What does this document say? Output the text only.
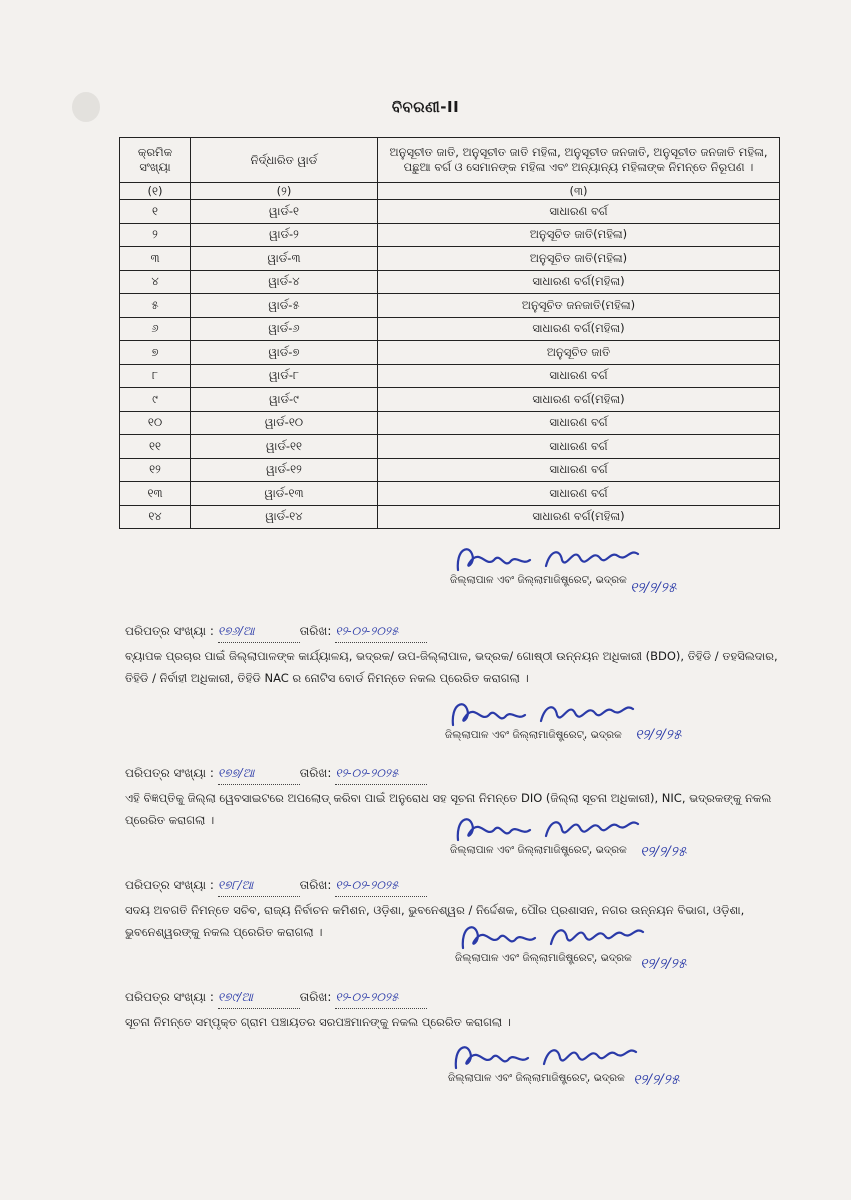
ବିବରଣୀ-II
କ୍ରମିକ ସଂଖ୍ୟା	ନିର୍ଦ୍ଧାରିତ ୱାର୍ଡ	ଅନୁସୂଚୀତ ଜାତି, ଅନୁସୂଚୀତ ଜାତି ମହିଳା, ଅନୁସୂଚୀତ ଜନଜାତି, ଅନୁସୂଚୀତ ଜନଜାତି ମହିଳା, ପଛୁଆ ବର୍ଗ ଓ ସେମାନଙ୍କ ମହିଳା ଏବଂ ଅନ୍ୟାନ୍ୟ ମହିଳାଙ୍କ ନିମନ୍ତେ ନିରୂପଣ ।
(୧)	(୨)	(୩)
୧	ୱାର୍ଡ-୧	ସାଧାରଣ ବର୍ଗ
୨	ୱାର୍ଡ-୨	ଅନୁସୂଚିତ ଜାତି(ମହିଳା)
୩	ୱାର୍ଡ-୩	ଅନୁସୂଚିତ ଜାତି(ମହିଳା)
୪	ୱାର୍ଡ-୪	ସାଧାରଣ ବର୍ଗ(ମହିଳା)
୫	ୱାର୍ଡ-୫	ଅନୁସୂଚିତ ଜନଜାତି(ମହିଳା)
୬	ୱାର୍ଡ-୬	ସାଧାରଣ ବର୍ଗ(ମହିଳା)
୭	ୱାର୍ଡ-୭	ଅନୁସୂଚିତ ଜାତି
୮	ୱାର୍ଡ-୮	ସାଧାରଣ ବର୍ଗ
୯	ୱାର୍ଡ-୯	ସାଧାରଣ ବର୍ଗ(ମହିଳା)
୧୦	ୱାର୍ଡ-୧୦	ସାଧାରଣ ବର୍ଗ
୧୧	ୱାର୍ଡ-୧୧	ସାଧାରଣ ବର୍ଗ
୧୨	ୱାର୍ଡ-୧୨	ସାଧାରଣ ବର୍ଗ
୧୩	ୱାର୍ଡ-୧୩	ସାଧାରଣ ବର୍ଗ
୧୪	ୱାର୍ଡ-୧୪	ସାଧାରଣ ବର୍ଗ(ମହିଳା)
ଜିଲ୍ଲାପାଳ ଏବଂ ଜିଲ୍ଲାମାଜିଷ୍ଟ୍ରେଟ୍, ଭଦ୍ରକ ୧୨/୨/୨୫
ପରିପତ୍ର ସଂଖ୍ୟା : ୧୭୬/ଆ	ତାରିଖ: ୧୨-୦୨-୨୦୨୫
ବ୍ୟାପକ ପ୍ରଚାର ପାଇଁ ଜିଲ୍ଲାପାଳଙ୍କ କାର୍ଯ୍ୟାଳୟ, ଭଦ୍ରକ/ ଉପ-ଜିଲ୍ଲାପାଳ, ଭଦ୍ରକ/ ଗୋଷ୍ଠୀ ଉନ୍ନୟନ ଅଧିକାରୀ (BDO), ତିହିଡି / ତହସିଲଦାର, ତିହିଡି / ନିର୍ବାହୀ ଅଧିକାରୀ, ତିହିଡି NAC ର ନୋଟିସ ବୋର୍ଡ ନିମନ୍ତେ ନକଲ ପ୍ରେରିତ କରାଗଲା ।
ଜିଲ୍ଲାପାଳ ଏବଂ ଜିଲ୍ଲାମାଜିଷ୍ଟ୍ରେଟ୍, ଭଦ୍ରକ ୧୨/୨/୨୫
ପରିପତ୍ର ସଂଖ୍ୟା : ୧୭୭/ଆ	ତାରିଖ: ୧୨-୦୨-୨୦୨୫
ଏହି ବିଜ୍ଞପ୍ତିକୁ ଜିଲ୍ଲା ୱେବସାଇଟରେ ଅପଲୋଡ୍ କରିବା ପାଇଁ ଅନୁରୋଧ ସହ ସୂଚନା ନିମନ୍ତେ DIO (ଜିଲ୍ଲା ସୂଚନା ଅଧିକାରୀ), NIC, ଭଦ୍ରକଙ୍କୁ ନକଲ ପ୍ରେରିତ କରାଗଲା ।
ଜିଲ୍ଲାପାଳ ଏବଂ ଜିଲ୍ଲାମାଜିଷ୍ଟ୍ରେଟ୍, ଭଦ୍ରକ ୧୨/୨/୨୫
ପରିପତ୍ର ସଂଖ୍ୟା : ୧୭୮/ଆ	ତାରିଖ: ୧୨-୦୨-୨୦୨୫
ସଦୟ ଅବଗତି ନିମନ୍ତେ ସଚିବ, ରାଜ୍ୟ ନିର୍ବାଚନ କମିଶନ, ଓଡ଼ିଶା, ଭୁବନେଶ୍ୱର / ନିର୍ଦ୍ଦେଶକ, ପୌର ପ୍ରଶାସନ, ନଗର ଉନ୍ନୟନ ବିଭାଗ, ଓଡ଼ିଶା, ଭୁବନେଶ୍ୱରଙ୍କୁ ନକଲ ପ୍ରେରିତ କରାଗଲା ।
ଜିଲ୍ଲାପାଳ ଏବଂ ଜିଲ୍ଲାମାଜିଷ୍ଟ୍ରେଟ୍, ଭଦ୍ରକ ୧୨/୨/୨୫
ପରିପତ୍ର ସଂଖ୍ୟା : ୧୭୯/ଆ	ତାରିଖ: ୧୨-୦୨-୨୦୨୫
ସୂଚନା ନିମନ୍ତେ ସମ୍ପୃକ୍ତ ଗ୍ରାମ ପଞ୍ଚାୟତର ସରପଞ୍ଚମାନଙ୍କୁ ନକଲ ପ୍ରେରିତ କରାଗଲା ।
ଜିଲ୍ଲାପାଳ ଏବଂ ଜିଲ୍ଲାମାଜିଷ୍ଟ୍ରେଟ୍, ଭଦ୍ରକ ୧୨/୨/୨୫
